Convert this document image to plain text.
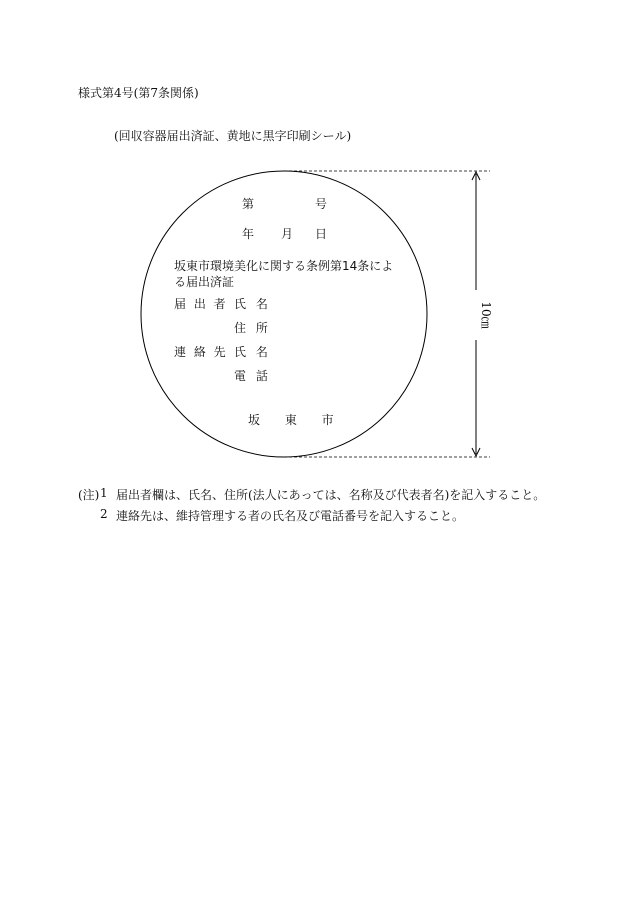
様式第4号(第7条関係)
(回収容器届出済証、黄地に黒字印刷シール)
10㎝
第	号
年 月 日
坂東市環境美化に関する条例第14条によ
る届出済証
届 出 者 氏 名
住 所
連 絡 先 氏 名
電 話
坂　 東　 市
(注) 1 届出者欄は、氏名、住所(法人にあっては、名称及び代表者名)を記入すること。
2 連絡先は、維持管理する者の氏名及び電話番号を記入すること。
